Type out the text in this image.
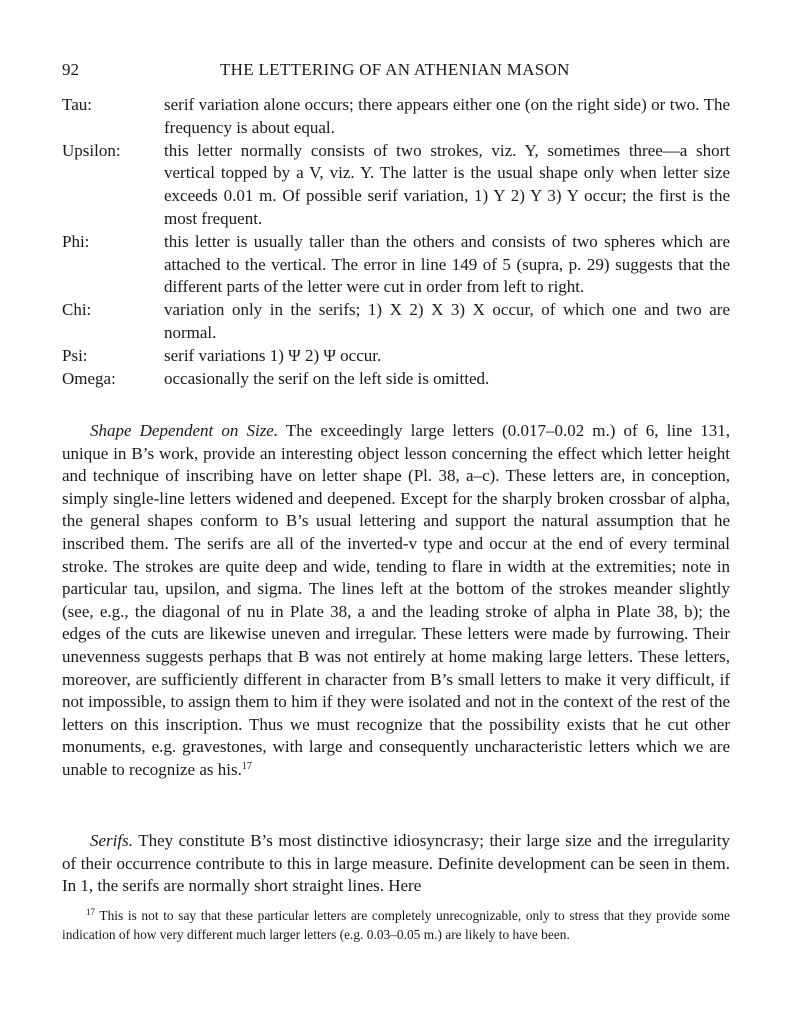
92	THE LETTERING OF AN ATHENIAN MASON
Tau:	serif variation alone occurs; there appears either one (on the right side) or two. The frequency is about equal.
Upsilon:	this letter normally consists of two strokes, viz. Y, sometimes three—a short vertical topped by a V, viz. Y. The latter is the usual shape only when letter size exceeds 0.01 m. Of possible serif variation, 1) Y 2) Y 3) Y occur; the first is the most frequent.
Phi:	this letter is usually taller than the others and consists of two spheres which are attached to the vertical. The error in line 149 of 5 (supra, p. 29) suggests that the different parts of the letter were cut in order from left to right.
Chi:	variation only in the serifs; 1) X 2) X 3) X occur, of which one and two are normal.
Psi:	serif variations 1) Ψ 2) Ψ occur.
Omega:	occasionally the serif on the left side is omitted.

Shape Dependent on Size. The exceedingly large letters (0.017–0.02 m.) of 6, line 131, unique in B’s work, provide an interesting object lesson concerning the effect which letter height and technique of inscribing have on letter shape (Pl. 38, a–c). These letters are, in conception, simply single-line letters widened and deepened. Except for the sharply broken crossbar of alpha, the general shapes conform to B’s usual lettering and support the natural assumption that he inscribed them. The serifs are all of the inverted-v type and occur at the end of every terminal stroke. The strokes are quite deep and wide, tending to flare in width at the extremities; note in particular tau, upsilon, and sigma. The lines left at the bottom of the strokes meander slightly (see, e.g., the diagonal of nu in Plate 38, a and the leading stroke of alpha in Plate 38, b); the edges of the cuts are likewise uneven and irregular. These letters were made by furrowing. Their unevenness suggests perhaps that B was not entirely at home making large letters. These letters, moreover, are sufficiently different in character from B’s small letters to make it very difficult, if not impossible, to assign them to him if they were isolated and not in the context of the rest of the letters on this inscription. Thus we must recognize that the possibility exists that he cut other monuments, e.g. gravestones, with large and consequently uncharacteristic letters which we are unable to recognize as his.$^{17}$

Serifs. They constitute B’s most distinctive idiosyncrasy; their large size and the irregularity of their occurrence contribute to this in large measure. Definite development can be seen in them. In 1, the serifs are normally short straight lines. Here

$^{17}$ This is not to say that these particular letters are completely unrecognizable, only to stress that they provide some indication of how very different much larger letters (e.g. 0.03–0.05 m.) are likely to have been.
